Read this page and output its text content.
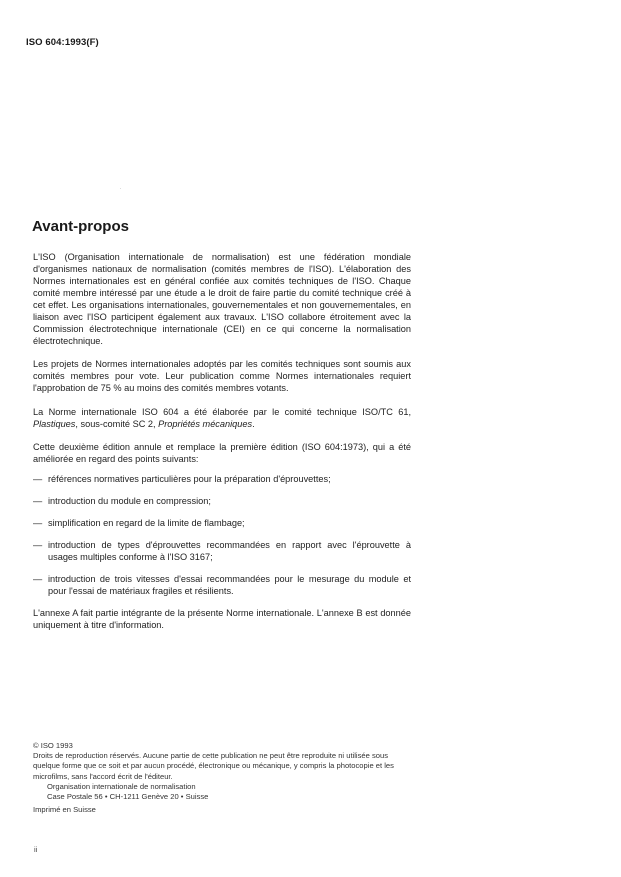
ISO 604:1993(F)
Avant-propos

L'ISO (Organisation internationale de normalisation) est une fédération mondiale d'organismes nationaux de normalisation (comités membres de l'ISO). L'élaboration des Normes internationales est en général confiée aux comités techniques de l'ISO. Chaque comité membre intéressé par une étude a le droit de faire partie du comité technique créé à cet effet. Les organisations internationales, gouvernementales et non gouvernementales, en liaison avec l'ISO participent également aux travaux. L'ISO collabore étroitement avec la Commission électrotechnique internationale (CEI) en ce qui concerne la normalisation électrotechnique.

Les projets de Normes internationales adoptés par les comités techniques sont soumis aux comités membres pour vote. Leur publication comme Normes internationales requiert l'approbation de 75 % au moins des comités membres votants.

La Norme internationale ISO 604 a été élaborée par le comité technique ISO/TC 61, Plastiques, sous-comité SC 2, Propriétés mécaniques.

Cette deuxième édition annule et remplace la première édition (ISO 604:1973), qui a été améliorée en regard des points suivants:

— références normatives particulières pour la préparation d'éprouvettes;
— introduction du module en compression;
— simplification en regard de la limite de flambage;
— introduction de types d'éprouvettes recommandées en rapport avec l'éprouvette à usages multiples conforme à l'ISO 3167;
— introduction de trois vitesses d'essai recommandées pour le mesurage du module et pour l'essai de matériaux fragiles et résilients.

L'annexe A fait partie intégrante de la présente Norme internationale. L'annexe B est donnée uniquement à titre d'information.

© ISO 1993
Droits de reproduction réservés. Aucune partie de cette publication ne peut être reproduite ni utilisée sous quelque forme que ce soit et par aucun procédé, électronique ou mécanique, y compris la photocopie et les microfilms, sans l'accord écrit de l'éditeur.
Organisation internationale de normalisation
Case Postale 56 • CH-1211 Genève 20 • Suisse
Imprimé en Suisse
ii
